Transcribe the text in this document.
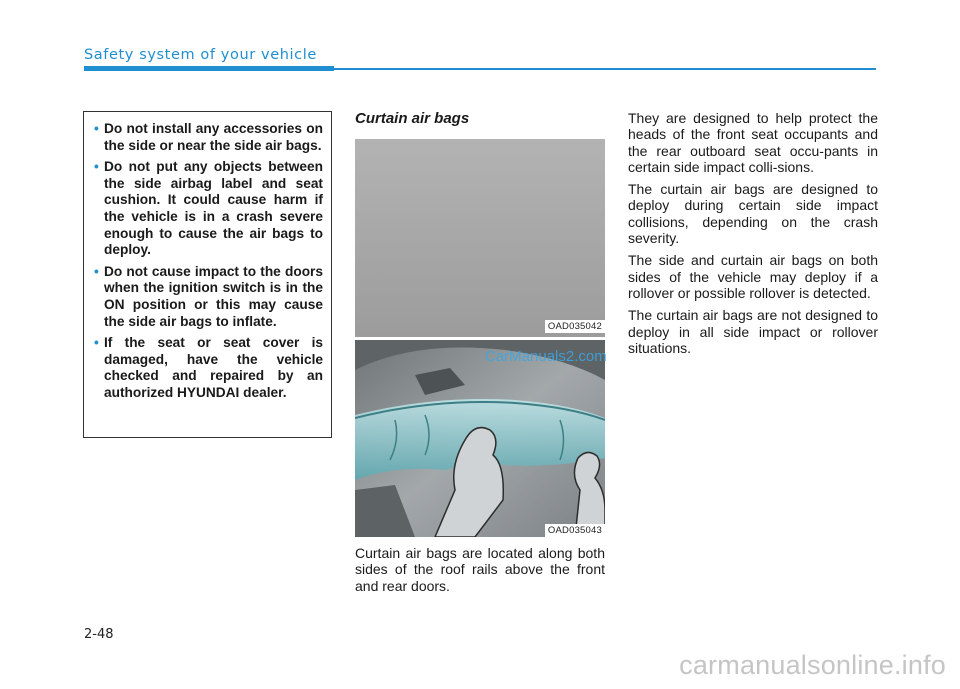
Safety system of your vehicle
• Do not install any accessories on the side or near the side air bags.
• Do not put any objects between the side airbag label and seat cushion. It could cause harm if the vehicle is in a crash severe enough to cause the air bags to deploy.
• Do not cause impact to the doors when the ignition switch is in the ON position or this may cause the side air bags to inflate.
• If the seat or seat cover is damaged, have the vehicle checked and repaired by an authorized HYUNDAI dealer.
Curtain air bags
OAD035042
OAD035043
CarManuals2.com

Curtain air bags are located along both sides of the roof rails above the front and rear doors.

They are designed to help protect the heads of the front seat occupants and the rear outboard seat occu-pants in certain side impact colli-sions.

The curtain air bags are designed to deploy during certain side impact collisions, depending on the crash severity.

The side and curtain air bags on both sides of the vehicle may deploy if a rollover or possible rollover is detected.

The curtain air bags are not designed to deploy in all side impact or rollover situations.

2-48
carmanualsonline.info
